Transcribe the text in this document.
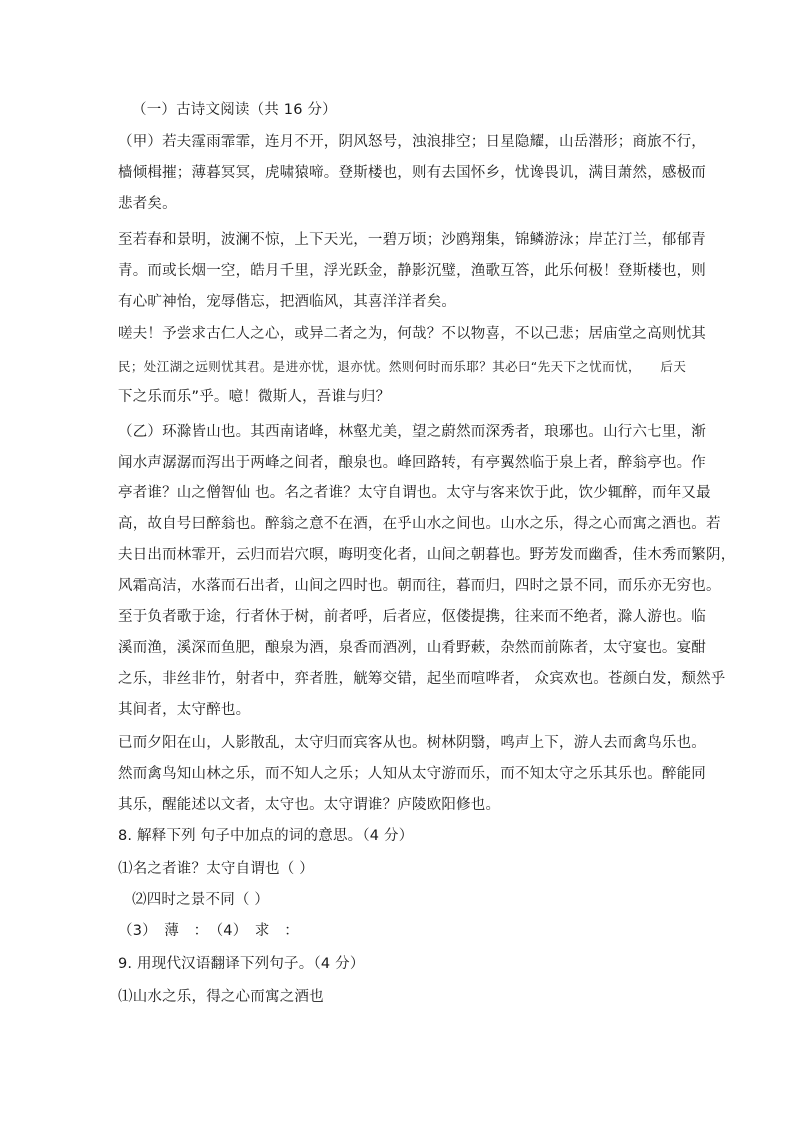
（一）古诗文阅读（共 16 分）
（甲）若夫霪雨霏霏，连月不开，阴风怒号，浊浪排空；日星隐耀，山岳潜形；商旅不行，
樯倾楫摧；薄暮冥冥，虎啸猿啼。登斯楼也，则有去国怀乡，忧谗畏讥，满目萧然，感极而
悲者矣。
至若春和景明，波澜不惊，上下天光，一碧万顷；沙鸥翔集，锦鳞游泳；岸芷汀兰，郁郁青
青。而或长烟一空，皓月千里，浮光跃金，静影沉璧，渔歌互答，此乐何极！登斯楼也，则
有心旷神怡，宠辱偕忘，把酒临风，其喜洋洋者矣。
嗟夫！予尝求古仁人之心，或异二者之为，何哉？不以物喜，不以己悲；居庙堂之高则忧其
民；处江湖之远则忧其君。是进亦忧，退亦忧。然则何时而乐耶？其必曰“先天下之忧而忧，　　后天
下之乐而乐”乎。噫！微斯人，吾谁与归？
（乙）环滁皆山也。其西南诸峰，林壑尤美，望之蔚然而深秀者，琅琊也。山行六七里，渐
闻水声潺潺而泻出于两峰之间者，酿泉也。峰回路转，有亭翼然临于泉上者，醉翁亭也。作
亭者谁？山之僧智仙 也。名之者谁？太守自谓也。太守与客来饮于此，饮少辄醉，而年又最
高，故自号曰醉翁也。醉翁之意不在酒，在乎山水之间也。山水之乐，得之心而寓之酒也。若
夫日出而林霏开，云归而岩穴暝，晦明变化者，山间之朝暮也。野芳发而幽香，佳木秀而繁阴，
风霜高洁，水落而石出者，山间之四时也。朝而往，暮而归，四时之景不同，而乐亦无穷也。
至于负者歌于途，行者休于树，前者呼，后者应，伛偻提携，往来而不绝者，滁人游也。临
溪而渔，溪深而鱼肥，酿泉为酒，泉香而酒冽，山肴野蔌，杂然而前陈者，太守宴也。宴酣
之乐，非丝非竹，射者中，弈者胜，觥筹交错，起坐而喧哗者， 众宾欢也。苍颜白发，颓然乎
其间者，太守醉也。
已而夕阳在山，人影散乱，太守归而宾客从也。树林阴翳，鸣声上下，游人去而禽鸟乐也。
然而禽鸟知山林之乐，而不知人之乐；人知从太守游而乐，而不知太守之乐其乐也。醉能同
其乐，醒能述以文者，太守也。太守谓谁？庐陵欧阳修也。
8. 解释下列 句子中加点的词的意思。（4 分）
⑴名之者谁？太守自谓也（ ）
⑵四时之景不同（ ）
（3）　薄　：　（4）　求　：
9. 用现代汉语翻译下列句子。（4 分）
⑴山水之乐，得之心而寓之酒也
